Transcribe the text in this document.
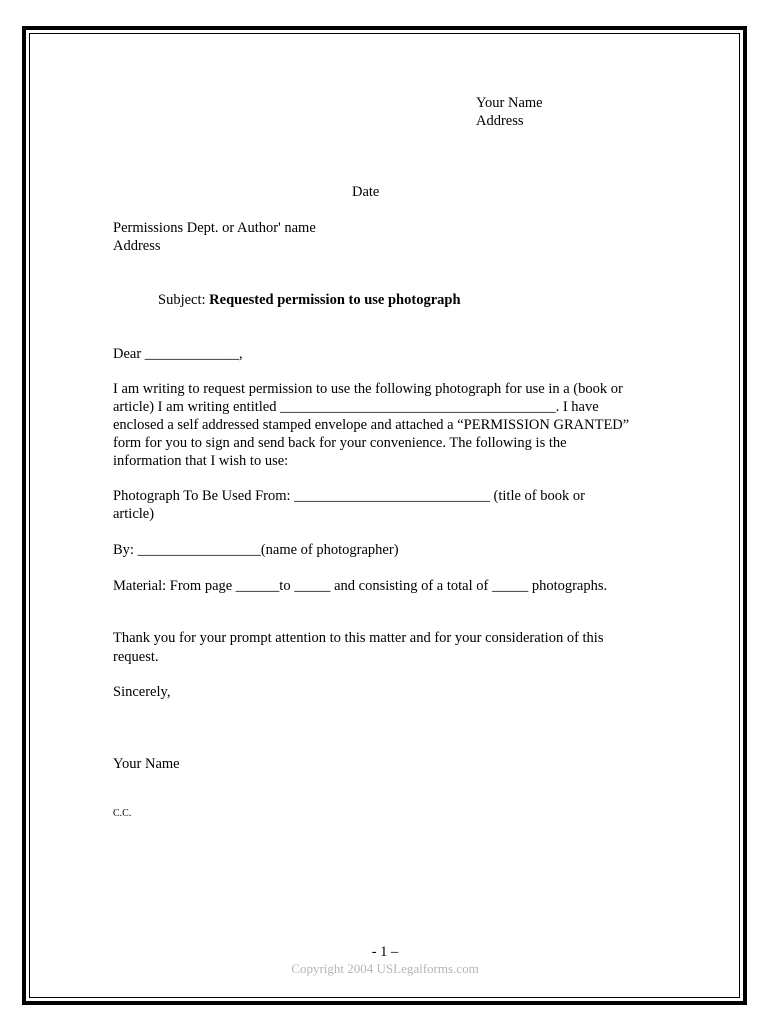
Your Name
Address
Date
Permissions Dept. or Author' name
Address
Subject: Requested permission to use photograph
Dear _____________,
I am writing to request permission to use the following photograph for use in a (book or
article) I am writing entitled ______________________________________. I have
enclosed a self addressed stamped envelope and attached a “PERMISSION GRANTED”
form for you to sign and send back for your convenience. The following is the
information that I wish to use:
Photograph To Be Used From: ___________________________ (title of book or
article)
By: _________________(name of photographer)
Material: From page ______to _____ and consisting of a total of _____ photographs.
Thank you for your prompt attention to this matter and for your consideration of this
request.
Sincerely,
Your Name
C.C.
- 1 –
Copyright 2004 USLegalforms.com
